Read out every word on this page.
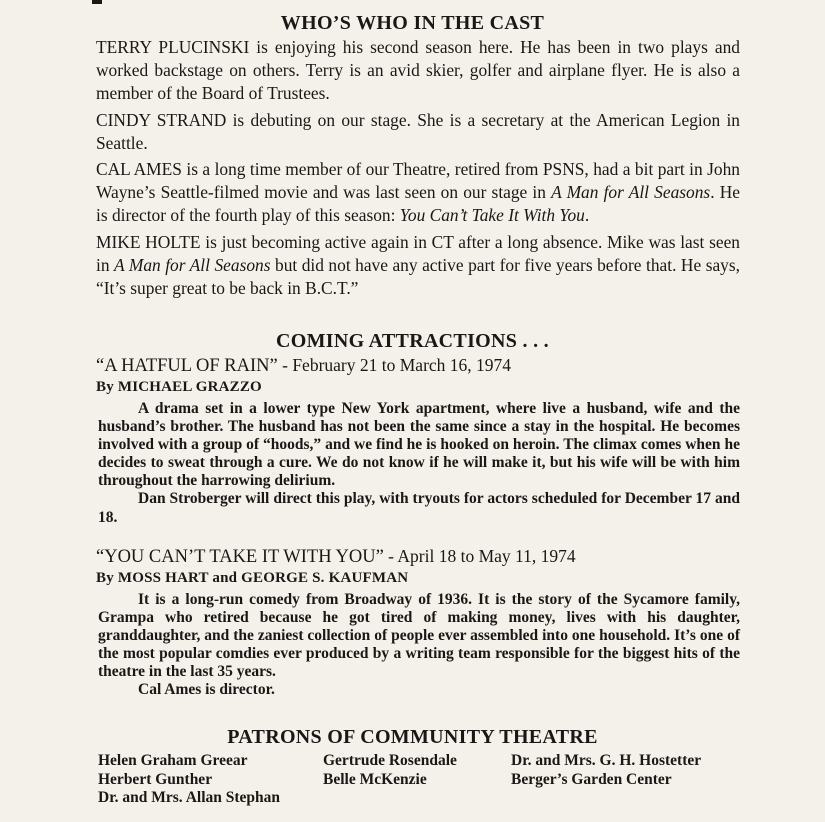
WHO’S WHO IN THE CAST

TERRY PLUCINSKI is enjoying his second season here. He has been in two plays and worked backstage on others. Terry is an avid skier, golfer and airplane flyer. He is also a member of the Board of Trustees.

CINDY STRAND is debuting on our stage. She is a secretary at the American Legion in Seattle.

CAL AMES is a long time member of our Theatre, retired from PSNS, had a bit part in John Wayne’s Seattle-filmed movie and was last seen on our stage in A Man for All Seasons. He is director of the fourth play of this season: You Can’t Take It With You.

MIKE HOLTE is just becoming active again in CT after a long absence. Mike was last seen in A Man for All Seasons but did not have any active part for five years before that. He says, “It’s super great to be back in B.C.T.”

COMING ATTRACTIONS . . .
“A HATFUL OF RAIN” - February 21 to March 16, 1974
By MICHAEL GRAZZO

A drama set in a lower type New York apartment, where live a husband, wife and the husband’s brother. The husband has not been the same since a stay in the hospital. He becomes involved with a group of “hoods,” and we find he is hooked on heroin. The climax comes when he decides to sweat through a cure. We do not know if he will make it, but his wife will be with him throughout the harrowing delirium.

Dan Stroberger will direct this play, with tryouts for actors scheduled for December 17 and 18.

“YOU CAN’T TAKE IT WITH YOU” - April 18 to May 11, 1974
By MOSS HART and GEORGE S. KAUFMAN

It is a long-run comedy from Broadway of 1936. It is the story of the Sycamore family, Grampa who retired because he got tired of making money, lives with his daughter, granddaughter, and the zaniest collection of people ever assembled into one household. It’s one of the most popular comdies ever produced by a writing team responsible for the biggest hits of the theatre in the last 35 years.

Cal Ames is director.

PATRONS OF COMMUNITY THEATRE
Helen Graham Greear
Herbert Gunther
Dr. and Mrs. Allan Stephan
Gertrude Rosendale
Belle McKenzie
Dr. and Mrs. G. H. Hostetter
Berger’s Garden Center
